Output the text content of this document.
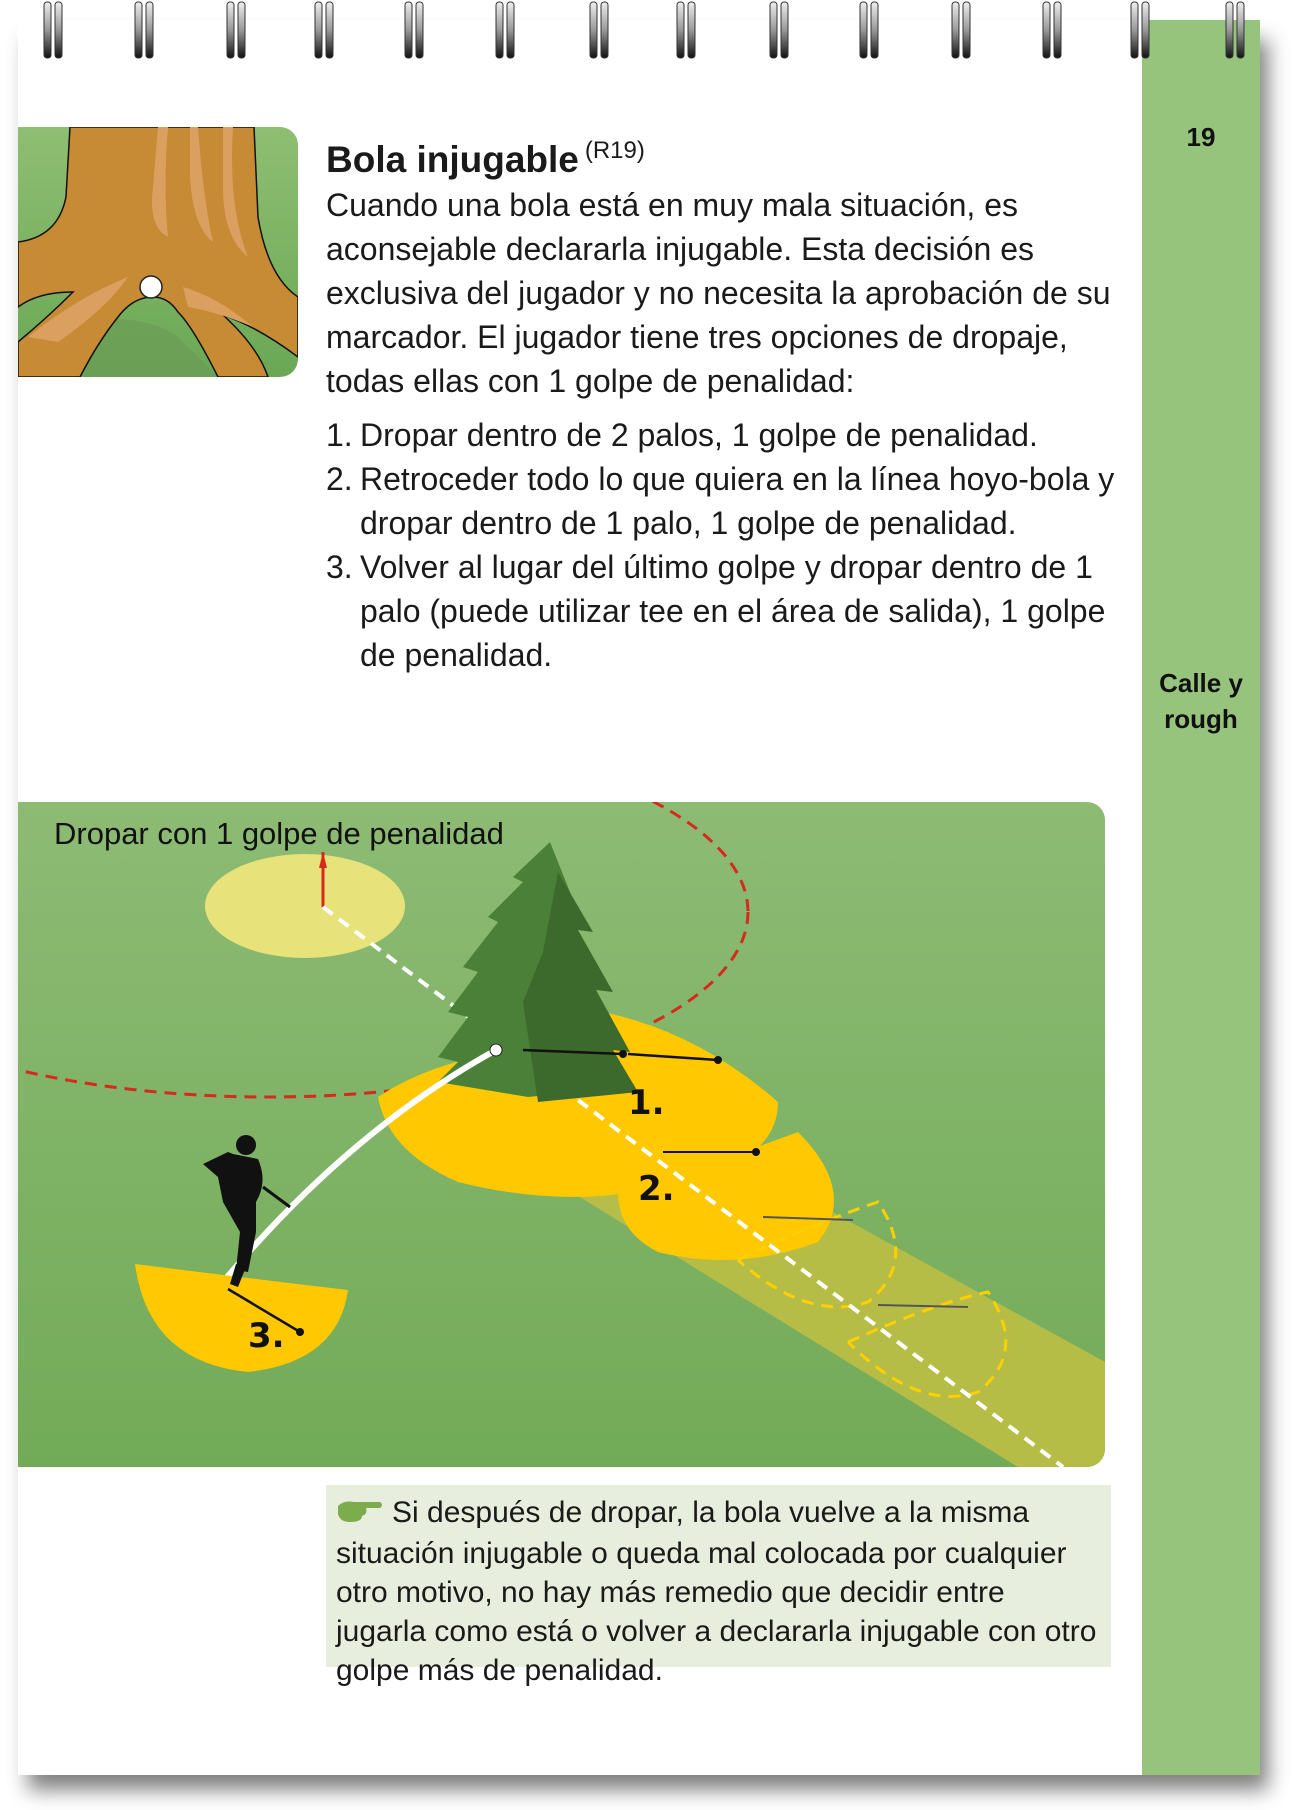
19
Calle y
rough
Bola injugable $^{(R19)}$
Cuando una bola está en muy mala situación, es aconsejable declararla injugable. Esta decisión es exclusiva del jugador y no necesita la aprobación de su marcador. El jugador tiene tres opciones de dropaje, todas ellas con 1 golpe de penalidad:
1. Dropar dentro de 2 palos, 1 golpe de penalidad.
2. Retroceder todo lo que quiera en la línea hoyo-bola y dropar dentro de 1 palo, 1 golpe de penalidad.
3. Volver al lugar del último golpe y dropar dentro de 1 palo (puede utilizar tee en el área de salida), 1 golpe de penalidad.
1.
2.
3.
Dropar con 1 golpe de penalidad
Si después de dropar, la bola vuelve a la misma situación injugable o queda mal colocada por cualquier otro motivo, no hay más remedio que decidir entre jugarla como está o volver a declararla injugable con otro golpe más de penalidad.
